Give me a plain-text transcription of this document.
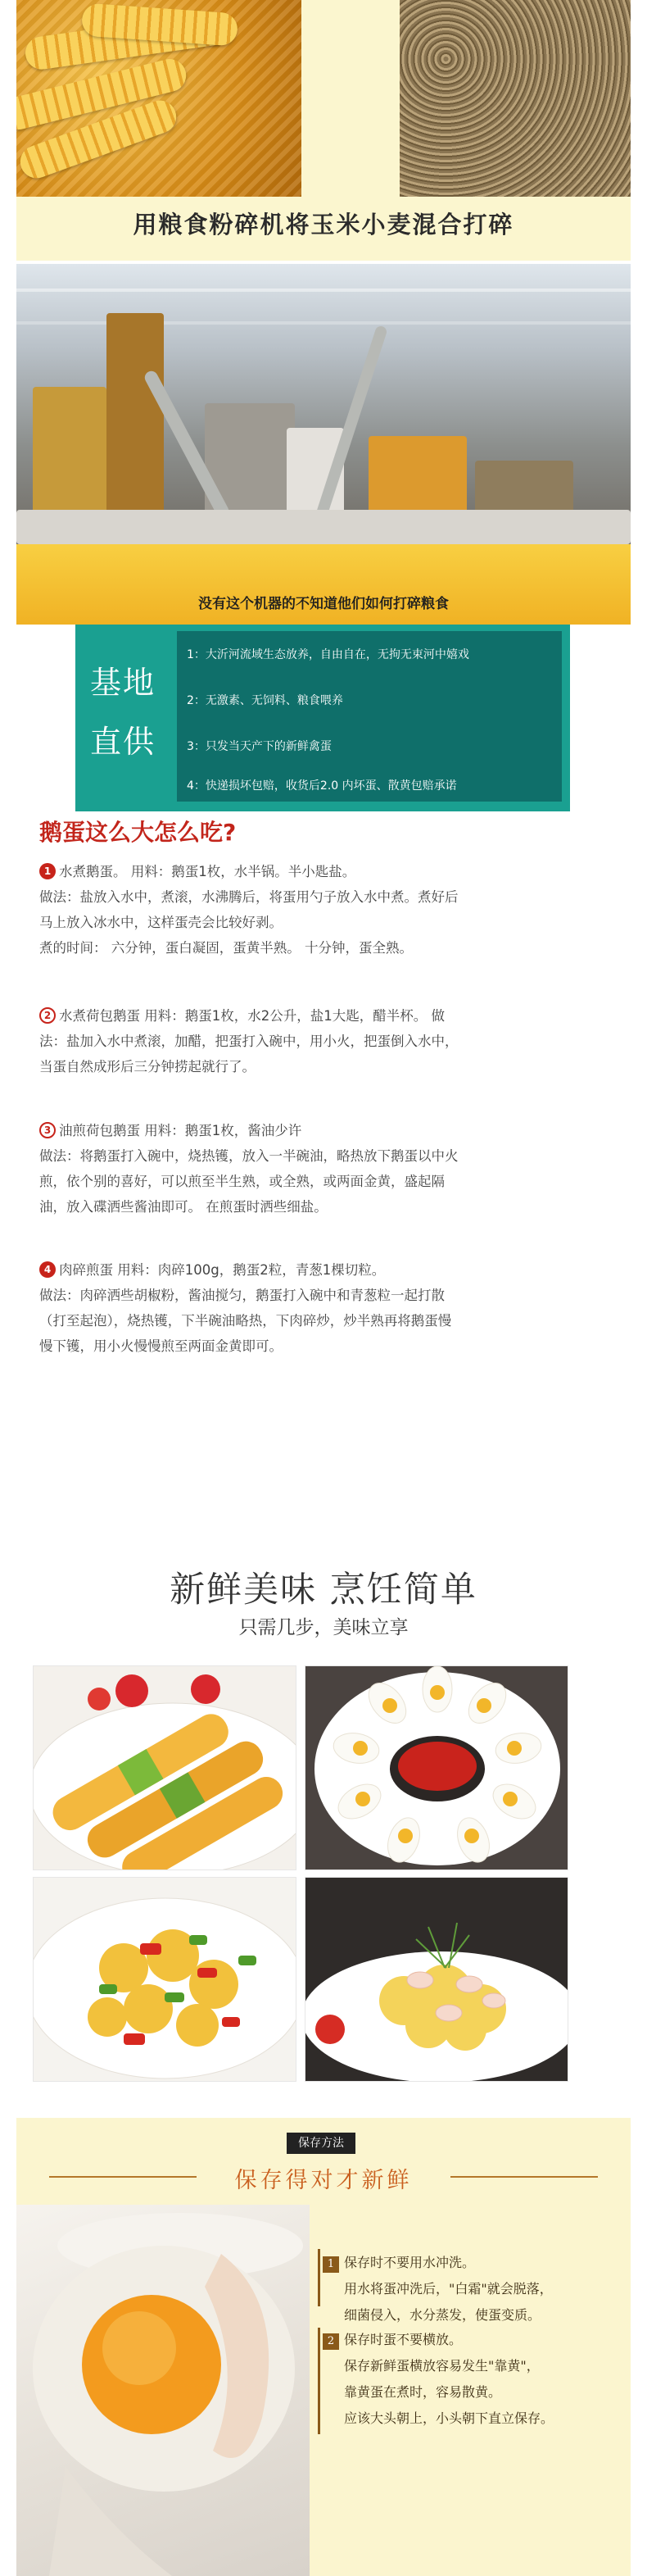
用粮食粉碎机将玉米小麦混合打碎
没有这个机器的不知道他们如何打碎粮食
基地
直供
1：大沂河流域生态放养，自由自在，无拘无束河中嬉戏
2：无激素、无饲料、粮食喂养
3：只发当天产下的新鲜禽蛋
4：快递损坏包赔，收货后2.0 内坏蛋、散黄包赔承诺
鹅蛋这么大怎么吃?
1 水煮鹅蛋。 用料：鹅蛋1枚，水半锅。半小匙盐。
做法：盐放入水中，煮滚，水沸腾后，将蛋用勺子放入水中煮。煮好后
马上放入冰水中，这样蛋壳会比较好剥。
煮的时间： 六分钟，蛋白凝固，蛋黄半熟。 十分钟，蛋全熟。
2 水煮荷包鹅蛋 用料：鹅蛋1枚，水2公升，盐1大匙，醋半杯。 做
法：盐加入水中煮滚，加醋，把蛋打入碗中，用小火，把蛋倒入水中，
当蛋自然成形后三分钟捞起就行了。
3 油煎荷包鹅蛋 用料：鹅蛋1枚，酱油少许
做法：将鹅蛋打入碗中，烧热镬，放入一半碗油，略热放下鹅蛋以中火
煎，依个别的喜好，可以煎至半生熟，或全熟，或两面金黄，盛起隔
油，放入碟洒些酱油即可。 在煎蛋时洒些细盐。
4 肉碎煎蛋 用料：肉碎100g，鹅蛋2粒，青葱1棵切粒。
做法：肉碎洒些胡椒粉，酱油搅匀，鹅蛋打入碗中和青葱粒一起打散
（打至起泡），烧热镬，下半碗油略热，下肉碎炒，炒半熟再将鹅蛋慢
慢下镬，用小火慢慢煎至两面金黄即可。
新鲜美味 烹饪简单
只需几步，美味立享
保存方法
保存得对才新鲜
1 保存时不要用水冲洗。
用水将蛋冲洗后，"白霜"就会脱落，
细菌侵入，水分蒸发，使蛋变质。
2 保存时蛋不要横放。
保存新鲜蛋横放容易发生"靠黄"，
靠黄蛋在煮时，容易散黄。
应该大头朝上，小头朝下直立保存。
